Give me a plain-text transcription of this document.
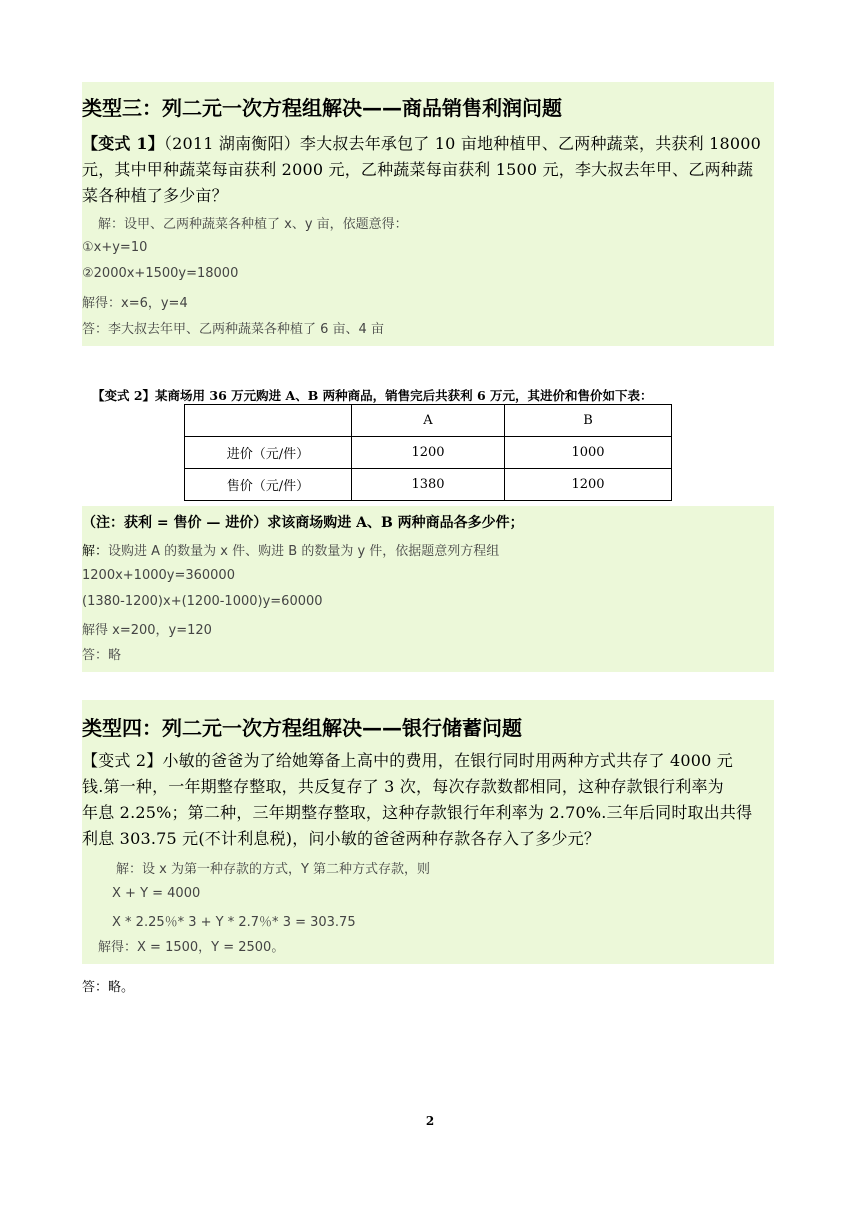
类型三：列二元一次方程组解决——商品销售利润问题
【变式 1】（2011 湖南衡阳）李大叔去年承包了 10 亩地种植甲、乙两种蔬菜，共获利 18000
元，其中甲种蔬菜每亩获利 2000 元，乙种蔬菜每亩获利 1500 元，李大叔去年甲、乙两种蔬
菜各种植了多少亩？
解：设甲、乙两种蔬菜各种植了 x、y 亩，依题意得：
①x+y=10
②2000x+1500y=18000
解得：x=6，y=4
答：李大叔去年甲、乙两种蔬菜各种植了 6 亩、4 亩
【变式 2】某商场用 36 万元购进 A、B 两种商品，销售完后共获利 6 万元，其进价和售价如下表：
	A	B
进价（元/件）	1200	1000
售价（元/件）	1380	1200
（注：获利 = 售价 — 进价）求该商场购进 A、B 两种商品各多少件；
解：设购进 A 的数量为 x 件、购进 B 的数量为 y 件，依据题意列方程组
1200x+1000y=360000
(1380-1200)x+(1200-1000)y=60000
解得 x=200，y=120
答：略
类型四：列二元一次方程组解决——银行储蓄问题
【变式 2】小敏的爸爸为了给她筹备上高中的费用，在银行同时用两种方式共存了 4000 元
钱.第一种，一年期整存整取，共反复存了 3 次，每次存款数都相同，这种存款银行利率为
年息 2.25%；第二种，三年期整存整取，这种存款银行年利率为 2.70%.三年后同时取出共得
利息 303.75 元(不计利息税)，问小敏的爸爸两种存款各存入了多少元？
解：设 x 为第一种存款的方式，Y 第二种方式存款，则
X + Y = 4000
X * 2.25％* 3 + Y * 2.7％* 3 = 303.75
解得：X = 1500，Y = 2500。
答：略。
2
